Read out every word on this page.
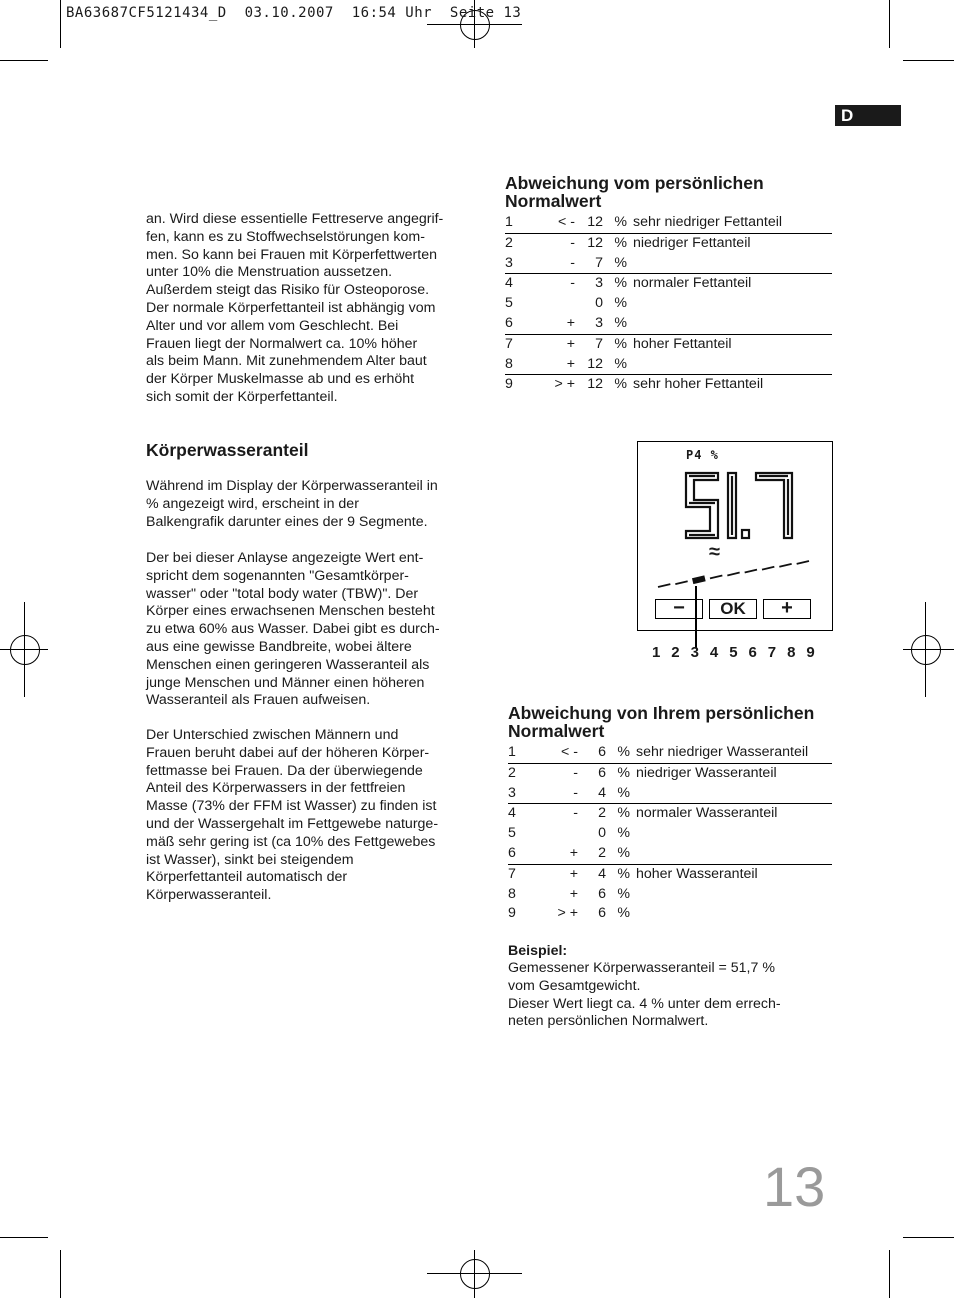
BA63687CF5121434_D  03.10.2007  16:54 Uhr  Seite 13
D
an. Wird diese essentielle Fettreserve angegrif-
fen, kann es zu Stoffwechselstörungen kom-
men. So kann bei Frauen mit Körperfettwerten
unter 10% die Menstruation aussetzen.
Außerdem steigt das Risiko für Osteoporose.
Der normale Körperfettanteil ist abhängig vom
Alter und vor allem vom Geschlecht. Bei
Frauen liegt der Normalwert ca. 10% höher
als beim Mann. Mit zunehmendem Alter baut
der Körper Muskelmasse ab und es erhöht
sich somit der Körperfettanteil.
Körperwasseranteil
Während im Display der Körperwasseranteil in
% angezeigt wird, erscheint in der
Balkengrafik darunter eines der 9 Segmente.
Der bei dieser Anlayse angezeigte Wert ent-
spricht dem sogenannten "Gesamtkörper-
wasser" oder "total body water (TBW)". Der
Körper eines erwachsenen Menschen besteht
zu etwa 60% aus Wasser. Dabei gibt es durch-
aus eine gewisse Bandbreite, wobei ältere
Menschen einen geringeren Wasseranteil als
junge Menschen und Männer einen höheren
Wasseranteil als Frauen aufweisen.
Der Unterschied zwischen Männern und
Frauen beruht dabei auf der höheren Körper-
fettmasse bei Frauen. Da der überwiegende
Anteil des Körperwassers in der fettfreien
Masse (73% der FFM ist Wasser) zu finden ist
und der Wassergehalt im Fettgewebe naturge-
mäß sehr gering ist (ca 10% des Fettgewebes
ist Wasser), sinkt bei steigendem
Körperfettanteil automatisch der
Körperwasseranteil.
Abweichung vom persönlichen
Normalwert
1	< -	12	%	sehr niedriger Fettanteil
2	-	12	%	niedriger Fettanteil
3	-	7	%	
4	-	3	%	normaler Fettanteil
5		0	%	
6	+	3	%	
7	+	7	%	hoher Fettanteil
8	+	12	%	
9	> +	12	%	sehr hoher Fettanteil
P4 %
≈
−	OK	+
1 2 3 4 5 6 7 8 9
Abweichung von Ihrem persönlichen
Normalwert
1	< -	6	%	sehr niedriger Wasseranteil
2	-	6	%	niedriger Wasseranteil
3	-	4	%	
4	-	2	%	normaler Wasseranteil
5		0	%	
6	+	2	%	
7	+	4	%	hoher Wasseranteil
8	+	6	%	
9	> +	6	%	
Beispiel:
Gemessener Körperwasseranteil = 51,7 %
vom Gesamtgewicht.
Dieser Wert liegt ca. 4 % unter dem errech-
neten persönlichen Normalwert.
13
